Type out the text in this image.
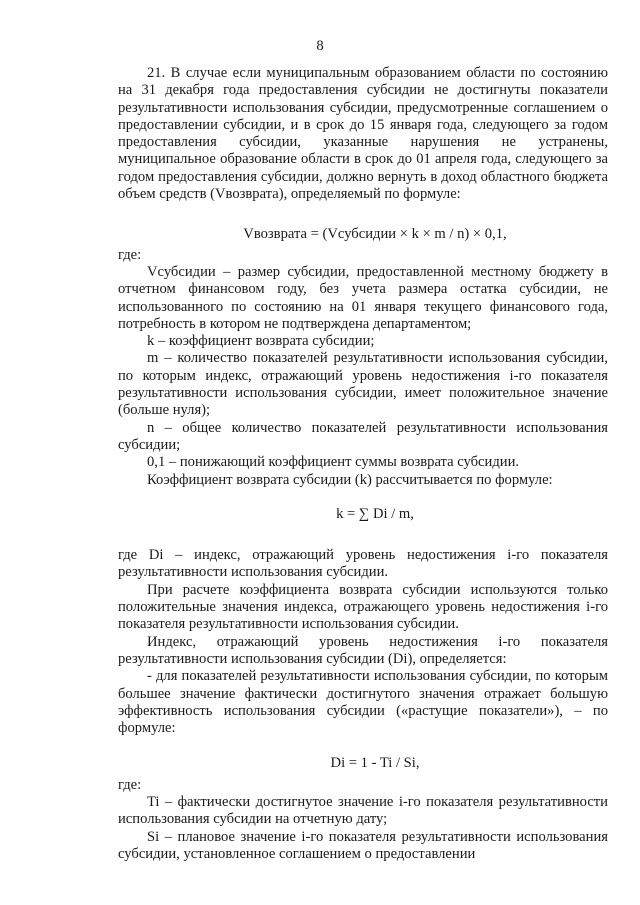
8

21. В случае если муниципальным образованием области по состоянию на 31 декабря года предоставления субсидии не достигнуты показатели результативности использования субсидии, предусмотренные соглашением о предоставлении субсидии, и в срок до 15 января года, следующего за годом предоставления субсидии, указанные нарушения не устранены, муниципальное образование области в срок до 01 апреля года, следующего за годом предоставления субсидии, должно вернуть в доход областного бюджета объем средств (Vвозврата), определяемый по формуле:

Vвозврата = (Vсубсидии × k × m / n) × 0,1,

где:

Vсубсидии – размер субсидии, предоставленной местному бюджету в отчетном финансовом году, без учета размера остатка субсидии, не использованного по состоянию на 01 января текущего финансового года, потребность в котором не подтверждена департаментом;

k – коэффициент возврата субсидии;

m – количество показателей результативности использования субсидии, по которым индекс, отражающий уровень недостижения i-го показателя результативности использования субсидии, имеет положительное значение (больше нуля);

n – общее количество показателей результативности использования субсидии;

0,1 – понижающий коэффициент суммы возврата субсидии.

Коэффициент возврата субсидии (k) рассчитывается по формуле:

k = ∑ Di / m,

где Di – индекс, отражающий уровень недостижения i-го показателя результативности использования субсидии.

При расчете коэффициента возврата субсидии используются только положительные значения индекса, отражающего уровень недостижения i-го показателя результативности использования субсидии.

Индекс, отражающий уровень недостижения i-го показателя результативности использования субсидии (Di), определяется:

- для показателей результативности использования субсидии, по которым большее значение фактически достигнутого значения отражает большую эффективность использования субсидии («растущие показатели»), – по формуле:

Di = 1 - Ti / Si,

где:

Ti – фактически достигнутое значение i-го показателя результативности использования субсидии на отчетную дату;

Si – плановое значение i-го показателя результативности использования субсидии, установленное соглашением о предоставлении
